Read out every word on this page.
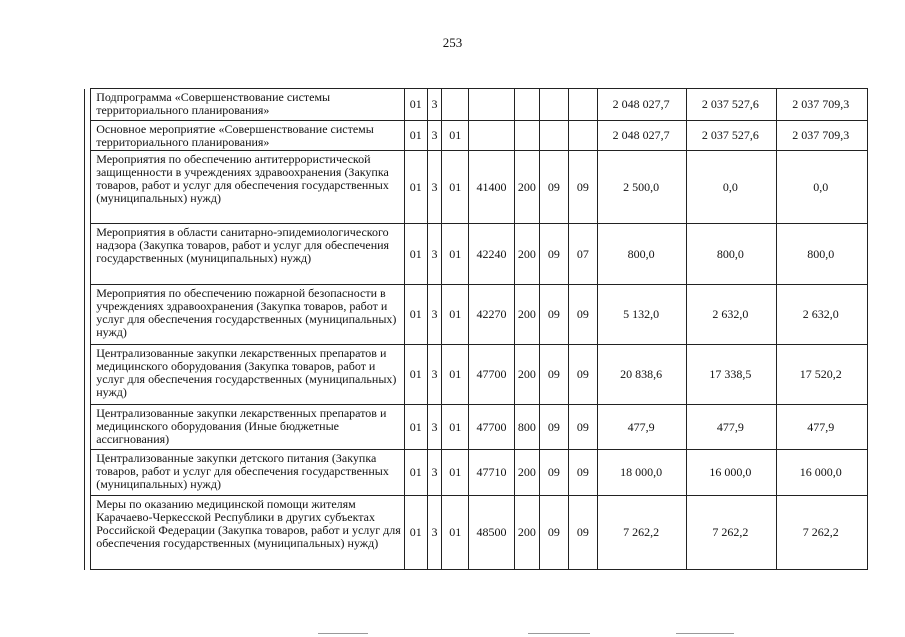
253
	Подпрограмма «Совершенствование системы территориального планирования»	01	3						2 048 027,7	2 037 527,6	2 037 709,3
	Основное мероприятие «Совершенствование системы территориального планирования»	01	3	01					2 048 027,7	2 037 527,6	2 037 709,3
	Мероприятия по обеспечению антитеррористической защищенности в учреждениях здравоохранения (Закупка товаров, работ и услуг для обеспечения государственных (муниципальных) нужд)	01	3	01	41400	200	09	09	2 500,0	0,0	0,0
	Мероприятия в области санитарно-эпидемиологического надзора (Закупка товаров, работ и услуг для обеспечения государственных (муниципальных) нужд)	01	3	01	42240	200	09	07	800,0	800,0	800,0
	Мероприятия по обеспечению пожарной безопасности в учреждениях здравоохранения (Закупка товаров, работ и услуг для обеспечения государственных (муниципальных) нужд)	01	3	01	42270	200	09	09	5 132,0	2 632,0	2 632,0
	Централизованные закупки лекарственных препаратов и медицинского оборудования (Закупка товаров, работ и услуг для обеспечения государственных (муниципальных) нужд)	01	3	01	47700	200	09	09	20 838,6	17 338,5	17 520,2
	Централизованные закупки лекарственных препаратов и медицинского оборудования (Иные бюджетные ассигнования)	01	3	01	47700	800	09	09	477,9	477,9	477,9
	Централизованные закупки детского питания (Закупка товаров, работ и услуг для обеспечения государственных (муниципальных) нужд)	01	3	01	47710	200	09	09	18 000,0	16 000,0	16 000,0
	Меры по оказанию медицинской помощи жителям Карачаево-Черкесской Республики в других субъектах Российской Федерации (Закупка товаров, работ и услуг для обеспечения государственных (муниципальных) нужд)	01	3	01	48500	200	09	09	7 262,2	7 262,2	7 262,2
